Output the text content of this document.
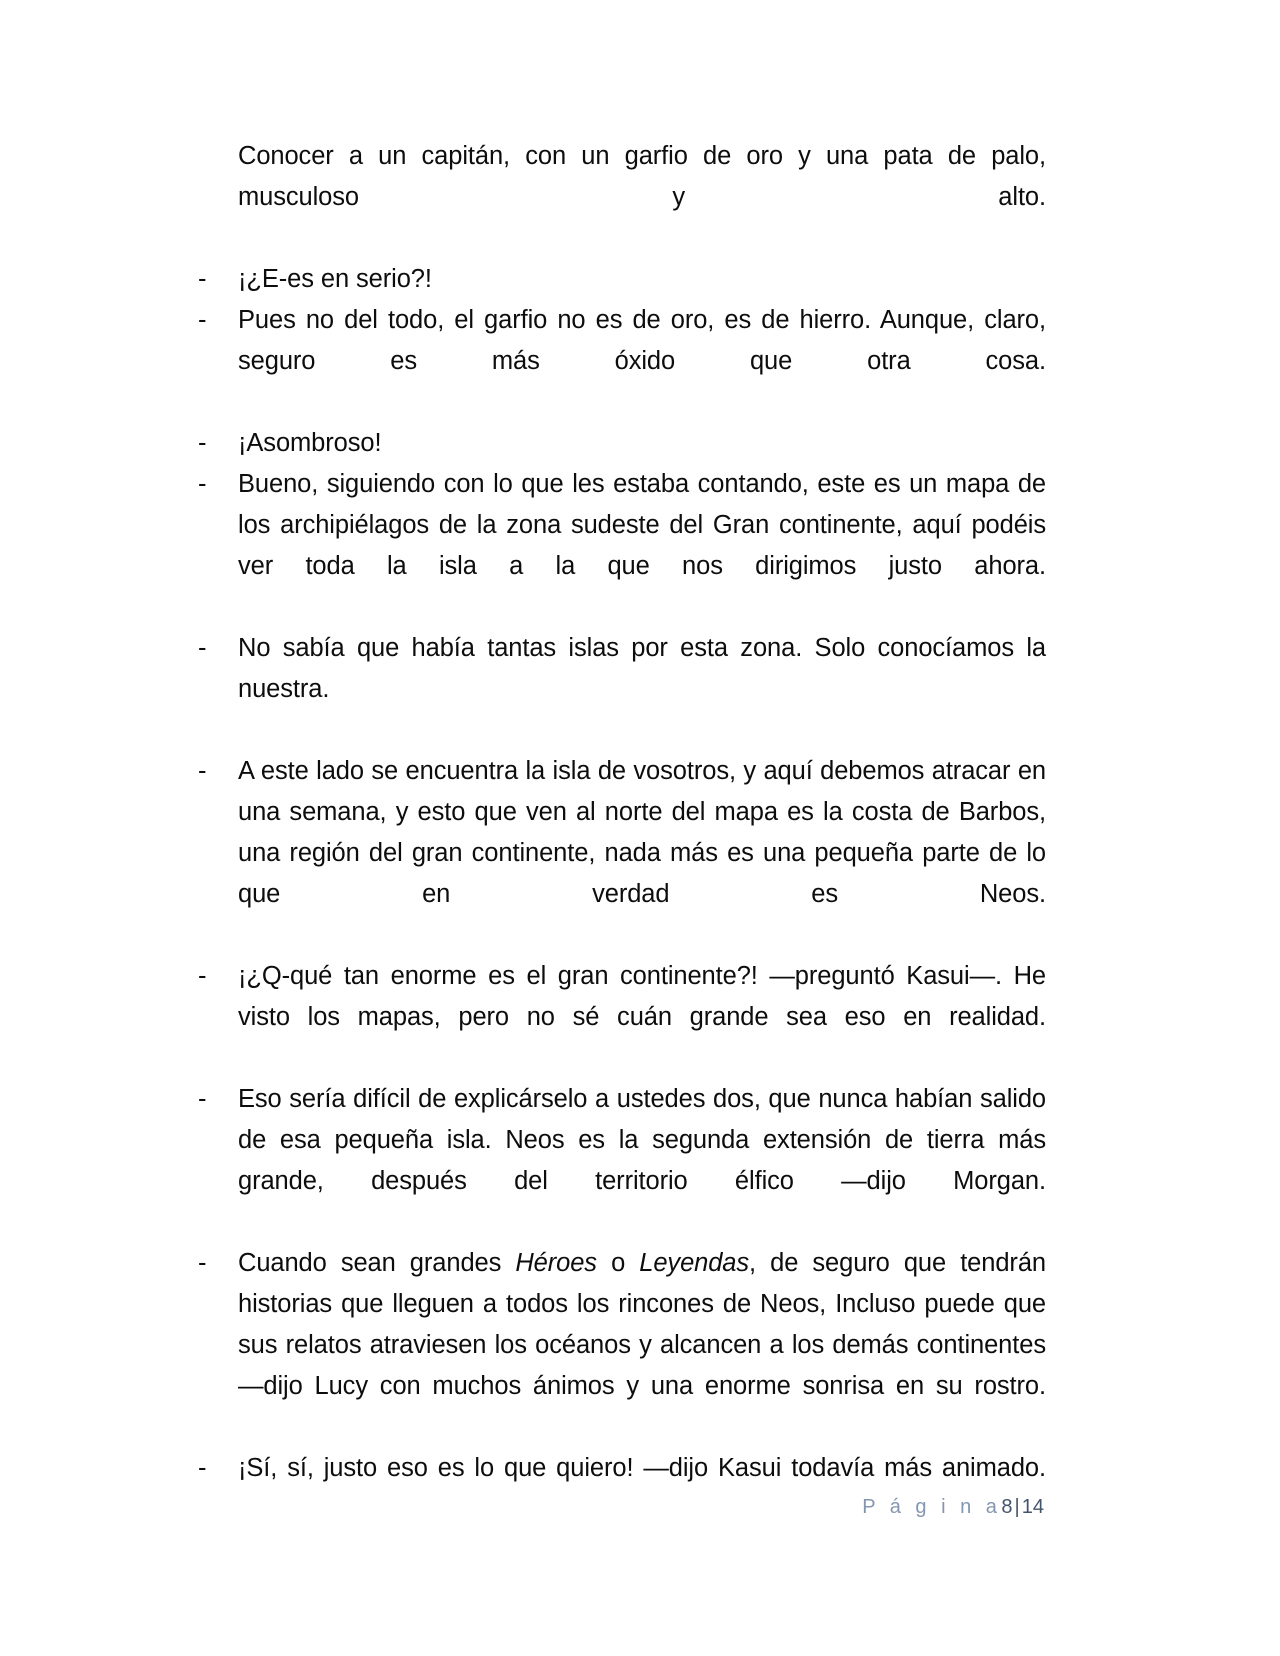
Conocer a un capitán, con un garfio de oro y una pata de palo, musculoso y alto.
-	¡¿E-es en serio?!
-	Pues no del todo, el garfio no es de oro, es de hierro. Aunque, claro, seguro es más óxido que otra cosa.
-	¡Asombroso!
-	Bueno, siguiendo con lo que les estaba contando, este es un mapa de los archipiélagos de la zona sudeste del Gran continente, aquí podéis ver toda la isla a la que nos dirigimos justo ahora.
-	No sabía que había tantas islas por esta zona. Solo conocíamos la nuestra.
-	A este lado se encuentra la isla de vosotros, y aquí debemos atracar en una semana, y esto que ven al norte del mapa es la costa de Barbos, una región del gran continente, nada más es una pequeña parte de lo que en verdad es Neos.
-	¡¿Q-qué tan enorme es el gran continente?! —preguntó Kasui—. He visto los mapas, pero no sé cuán grande sea eso en realidad.
-	Eso sería difícil de explicárselo a ustedes dos, que nunca habían salido de esa pequeña isla. Neos es la segunda extensión de tierra más grande, después del territorio élfico —dijo Morgan.
-	Cuando sean grandes Héroes o Leyendas, de seguro que tendrán historias que lleguen a todos los rincones de Neos, Incluso puede que sus relatos atraviesen los océanos y alcancen a los demás continentes —dijo Lucy con muchos ánimos y una enorme sonrisa en su rostro.
-	¡Sí, sí, justo eso es lo que quiero! —dijo Kasui todavía más animado.
P á g i n a8 | 14
